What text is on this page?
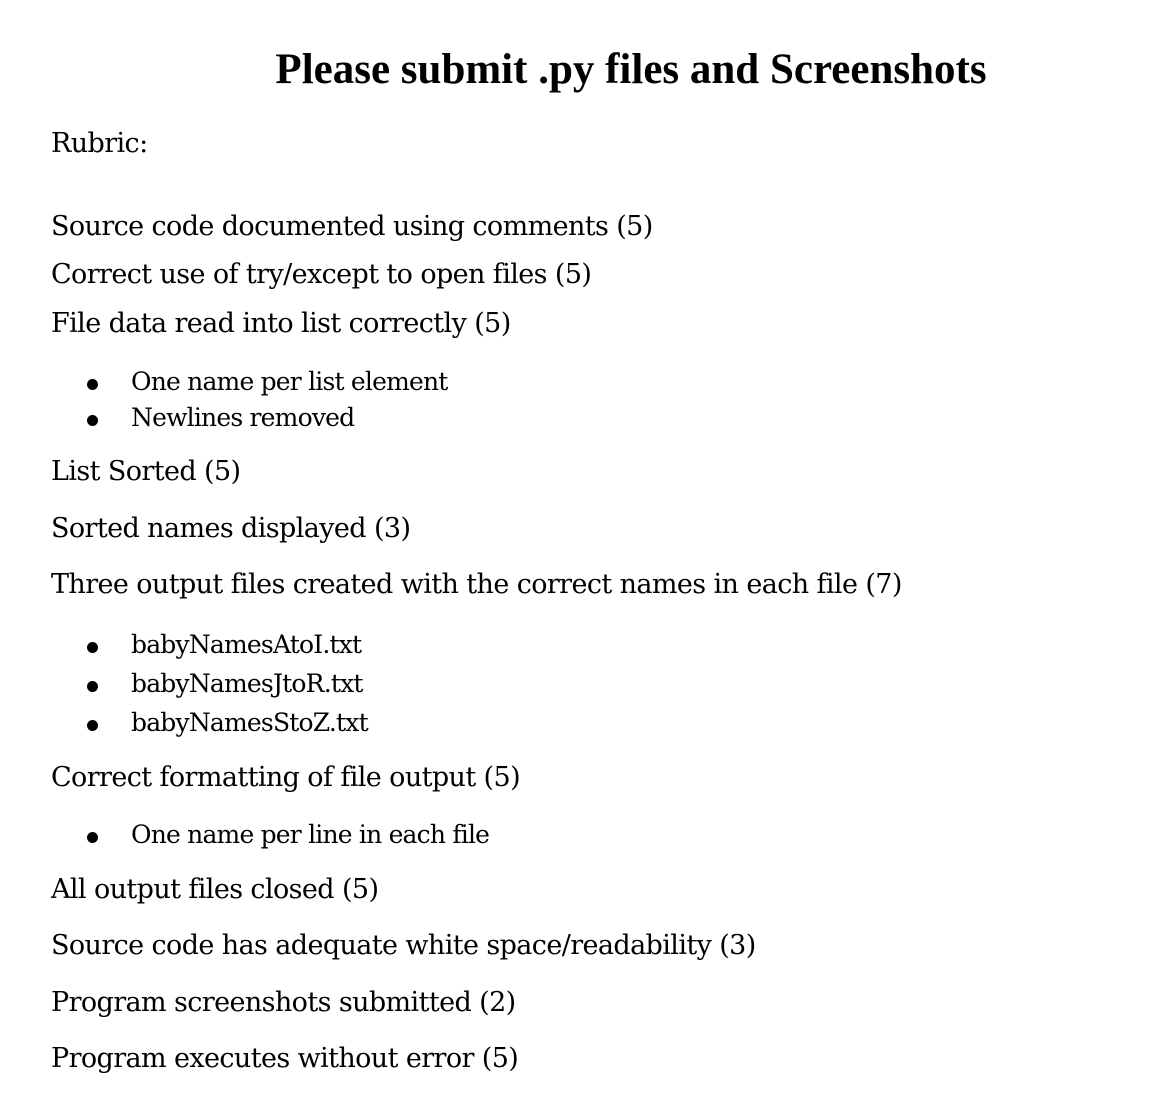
Please submit .py files and Screenshots

Rubric:

Source code documented using comments (5)

Correct use of try/except to open files (5)

File data read into list correctly (5)

One name per list element
Newlines removed

List Sorted (5)

Sorted names displayed (3)

Three output files created with the correct names in each file (7)

babyNamesAtoI.txt
babyNamesJtoR.txt
babyNamesStoZ.txt

Correct formatting of file output (5)

One name per line in each file

All output files closed (5)

Source code has adequate white space/readability (3)

Program screenshots submitted (2)

Program executes without error (5)
